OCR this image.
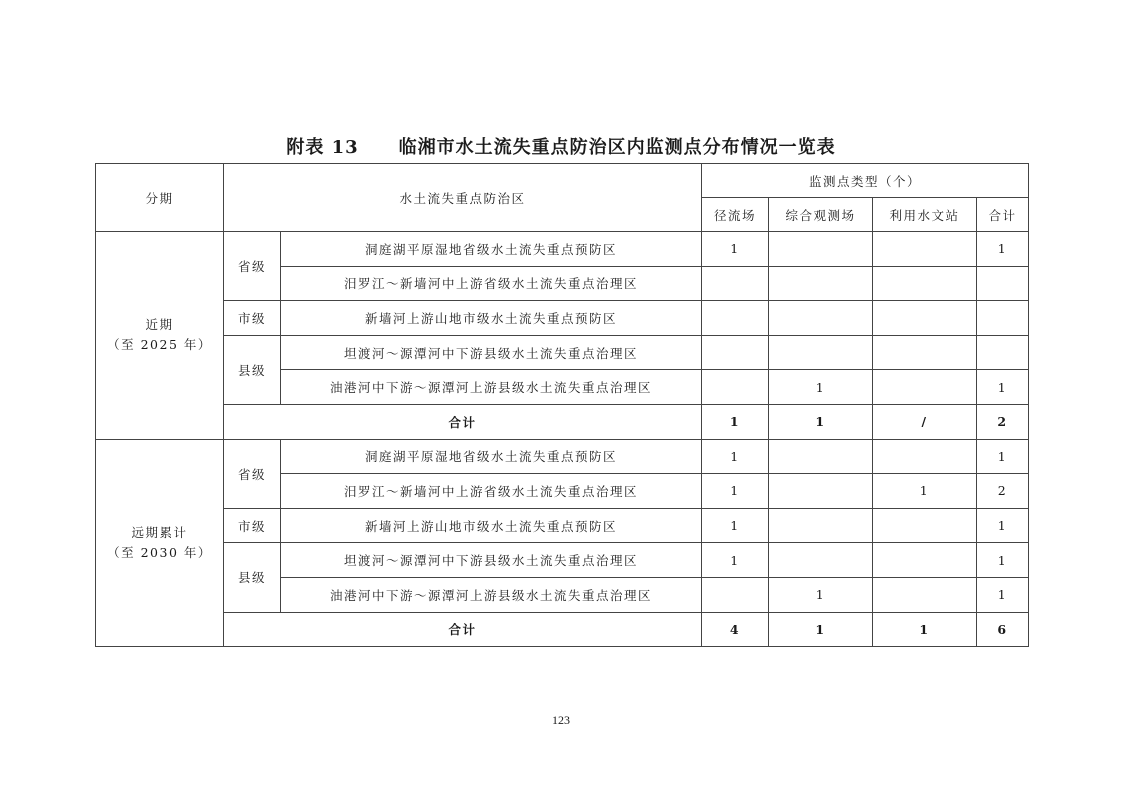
附表 13 临湘市水土流失重点防治区内监测点分布情况一览表
分期	水土流失重点防治区		监测点类型（个）			
			径流场	综合观测场	利用水文站	合计

近期
（至 2025 年）	省级	洞庭湖平原湿地省级水土流失重点预防区	1			1
		汨罗江～新墙河中上游省级水土流失重点治理区				
	市级	新墙河上游山地市级水土流失重点预防区				
	县级	坦渡河～源潭河中下游县级水土流失重点治理区				
		油港河中下游～源潭河上游县级水土流失重点治理区		1		1
	合计		1	1	/	2

远期累计
（至 2030 年）	省级	洞庭湖平原湿地省级水土流失重点预防区	1			1
		汨罗江～新墙河中上游省级水土流失重点治理区	1		1	2
	市级	新墙河上游山地市级水土流失重点预防区	1			1
	县级	坦渡河～源潭河中下游县级水土流失重点治理区	1			1
		油港河中下游～源潭河上游县级水土流失重点治理区		1		1
	合计		4	1	1	6
123
